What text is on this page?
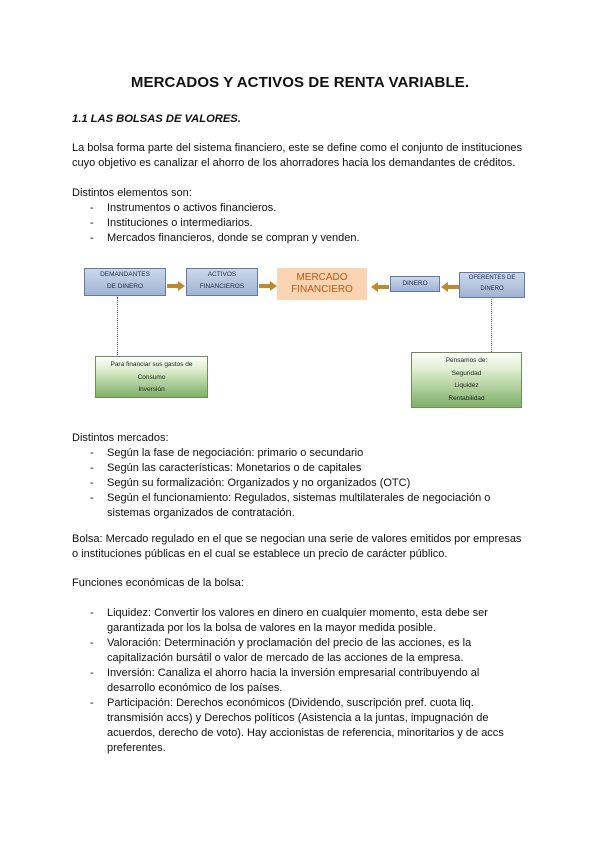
MERCADOS Y ACTIVOS DE RENTA VARIABLE.
1.1 LAS BOLSAS DE VALORES.
La bolsa forma parte del sistema financiero, este se define como el conjunto de instituciones
cuyo objetivo es canalizar el ahorro de los ahorradores hacia los demandantes de créditos.
Distintos elementos son:
- Instrumentos o activos financieros.
- Instituciones o intermediarios.
- Mercados financieros, donde se compran y venden.
DEMANDANTES
DE DINERO
ACTIVOS
FINANCIEROS
MERCADO
FINANCIERO
DINERO
OFERENTES DE
DINERO
Para financiar sus gastos de
Consumo
Inversión
Pensamos de:
Seguridad
Liquidez
Rentabilidad
Distintos mercados:
- Según la fase de negociación: primario o secundario
- Según las características: Monetarios o de capitales
- Según su formalización: Organizados y no organizados (OTC)
- Según el funcionamiento: Regulados, sistemas multilaterales de negociación o
sistemas organizados de contratación.
Bolsa: Mercado regulado en el que se negocian una serie de valores emitidos por empresas
o instituciones públicas en el cual se establece un precio de carácter público.
Funciones económicas de la bolsa:
- Liquidez: Convertir los valores en dinero en cualquier momento, esta debe ser
garantizada por los la bolsa de valores en la mayor medida posible.
- Valoración: Determinación y proclamación del precio de las acciones, es la
capitalización bursátil o valor de mercado de las acciones de la empresa.
- Inversión: Canaliza el ahorro hacia la inversión empresarial contribuyendo al
desarrollo económico de los países.
- Participación: Derechos económicos (Dividendo, suscripción pref. cuota liq.
transmisión accs) y Derechos políticos (Asistencia a la juntas, impugnación de
acuerdos, derecho de voto). Hay accionistas de referencia, minoritarios y de accs
preferentes.
